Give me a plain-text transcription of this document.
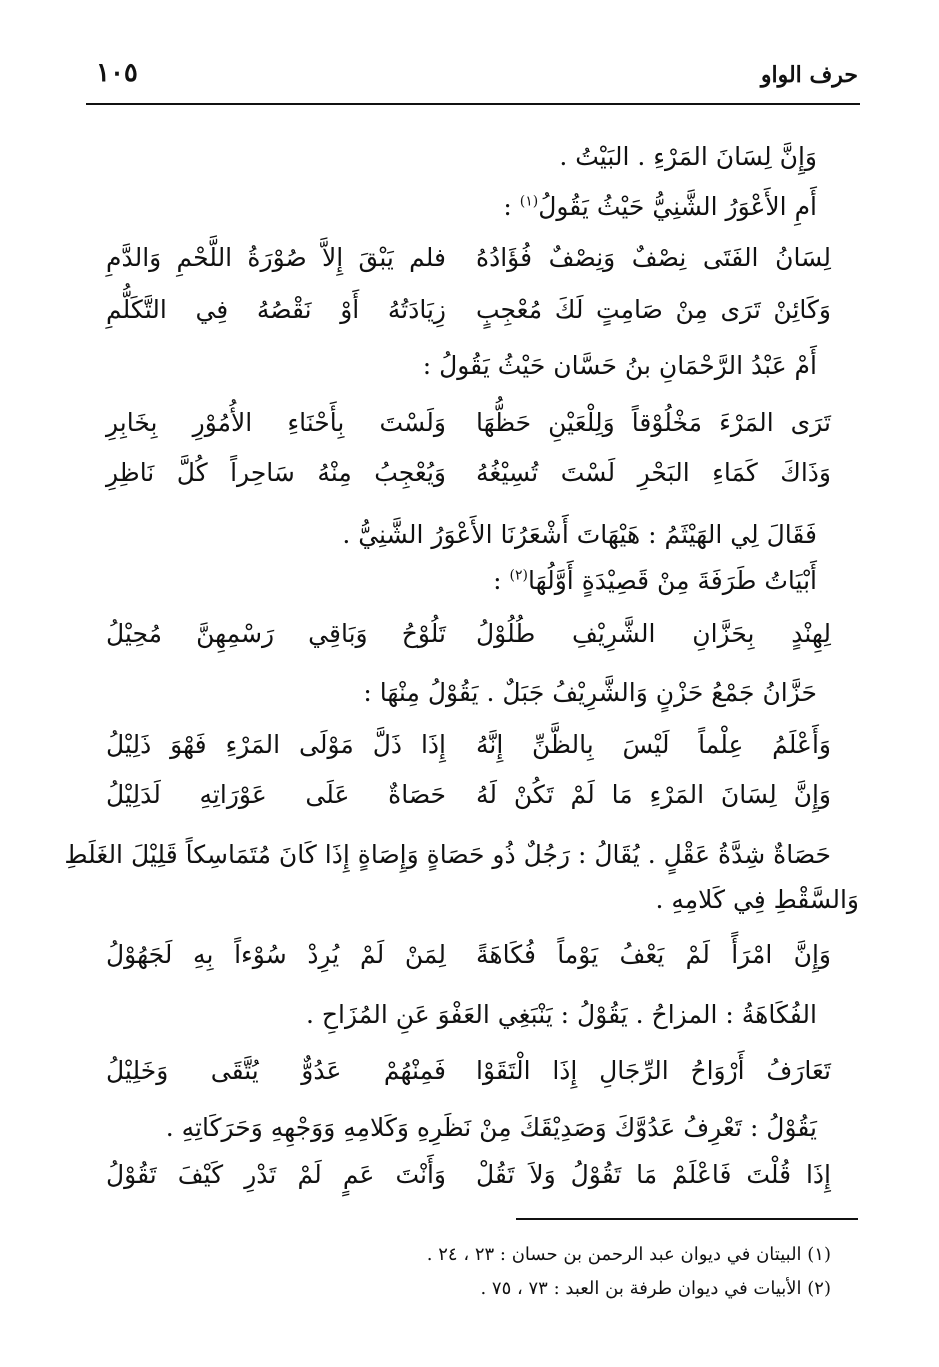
حرف الواو
١٠٥
وَإِنَّ لِسَانَ المَرْءِ . البَيْتُ .
أَمِ الأَعْوَرُ الشَّنِيُّ حَيْثُ يَقُولُ$^{(١)}$ :
لِسَانُ الفَتَى نِصْفٌ وَنِصْفٌ فُؤَادُهُ
فلم يَبْقَ إِلاَّ صُوْرَةُ اللَّحْمِ وَالدَّمِ
وَكَائِنْ تَرَى مِنْ صَامِتٍ لَكَ مُعْجِبٍ
زِيَادَتُهُ أَوْ نَقْصُهُ فِي التَّكَلُّمِ
أَمْ عَبْدُ الرَّحْمَانِ بنُ حَسَّان حَيْثُ يَقُولُ :
تَرَى المَرْءَ مَخْلُوْقاً وَلِلْعَيْنِ حَظُّهَا
وَلَسْتَ بِأَحْنَاءِ الأُمُوْرِ بِخَابِرِ
وَذَاكَ كَمَاءِ البَحْرِ لَسْتَ تُسِيْغُهُ
وَيُعْجِبُ مِنْهُ سَاحِراً كُلَّ نَاظِرِ
فَقَالَ لِي الهَيْثَمُ : هَيْهَاتَ أَشْعَرُنَا الأَعْوَرُ الشَّنِيُّ .
أَبْيَاتُ طَرَفَةَ مِنْ قَصِيْدَةٍ أَوَّلُهَا$^{(٢)}$ :
لِهِنْدٍ بِحَزَّانِ الشَّرِيْفِ طُلُوْلُ
تَلُوْحُ وَبَاقِي رَسْمِهِنَّ مُحِيْلُ
حَزَّانُ جَمْعُ حَزْنٍ وَالشَّرِيْفُ جَبَلٌ . يَقُوْلُ مِنْهَا :
وَأَعْلَمُ عِلْماً لَيْسَ بِالظَّنِّ إِنَّهُ
إِذَا ذَلَّ مَوْلَى المَرْءِ فَهْوَ ذَلِيْلُ
وَإِنَّ لِسَانَ المَرْءِ مَا لَمْ تَكُنْ لَهُ
حَصَاةٌ عَلَى عَوْرَاتِهِ لَدَلِيْلُ
حَصَاةٌ شِدَّةُ عَقْلٍ . يُقَالُ : رَجُلٌ ذُو حَصَاةٍ وَإِصَاةٍ إِذَا كَانَ مُتَمَاسِكاً قَلِيْلَ الغَلَطِ
وَالسَّقْطِ فِي كَلامِهِ .
وَإِنَّ امْرَأً لَمْ يَعْفُ يَوْماً فُكَاهَةً
لِمَنْ لَمْ يُرِدْ سُوْءاً بِهِ لَجَهُوْلُ
الفُكَاهَةُ : المزاحُ . يَقُوْلُ : يَنْبَغِي العَفْوَ عَنِ المُزَاحِ .
تَعَارَفُ أَرْوَاحُ الرِّجَالِ إِذَا الْتَقَوْا
فَمِنْهُمْ عَدُوٌّ يُتَّقَى وَخَلِيْلُ
يَقُوْلُ : تَعْرِفُ عَدُوَّكَ وَصَدِيْقَكَ مِنْ نَظَرِهِ وَكَلامِهِ وَوَجْهِهِ وَحَرَكَاتِهِ .
إِذَا قُلْتَ فَاعْلَمْ مَا تَقُوْلُ وَلاَ تَقُلْ
وَأَنْتَ عَمٍ لَمْ تَدْرِ كَيْفَ تَقُوْلُ
(١) البيتان في ديوان عبد الرحمن بن حسان : ٢٣ ، ٢٤ .
(٢) الأبيات في ديوان طرفة بن العبد : ٧٣ ، ٧٥ .
